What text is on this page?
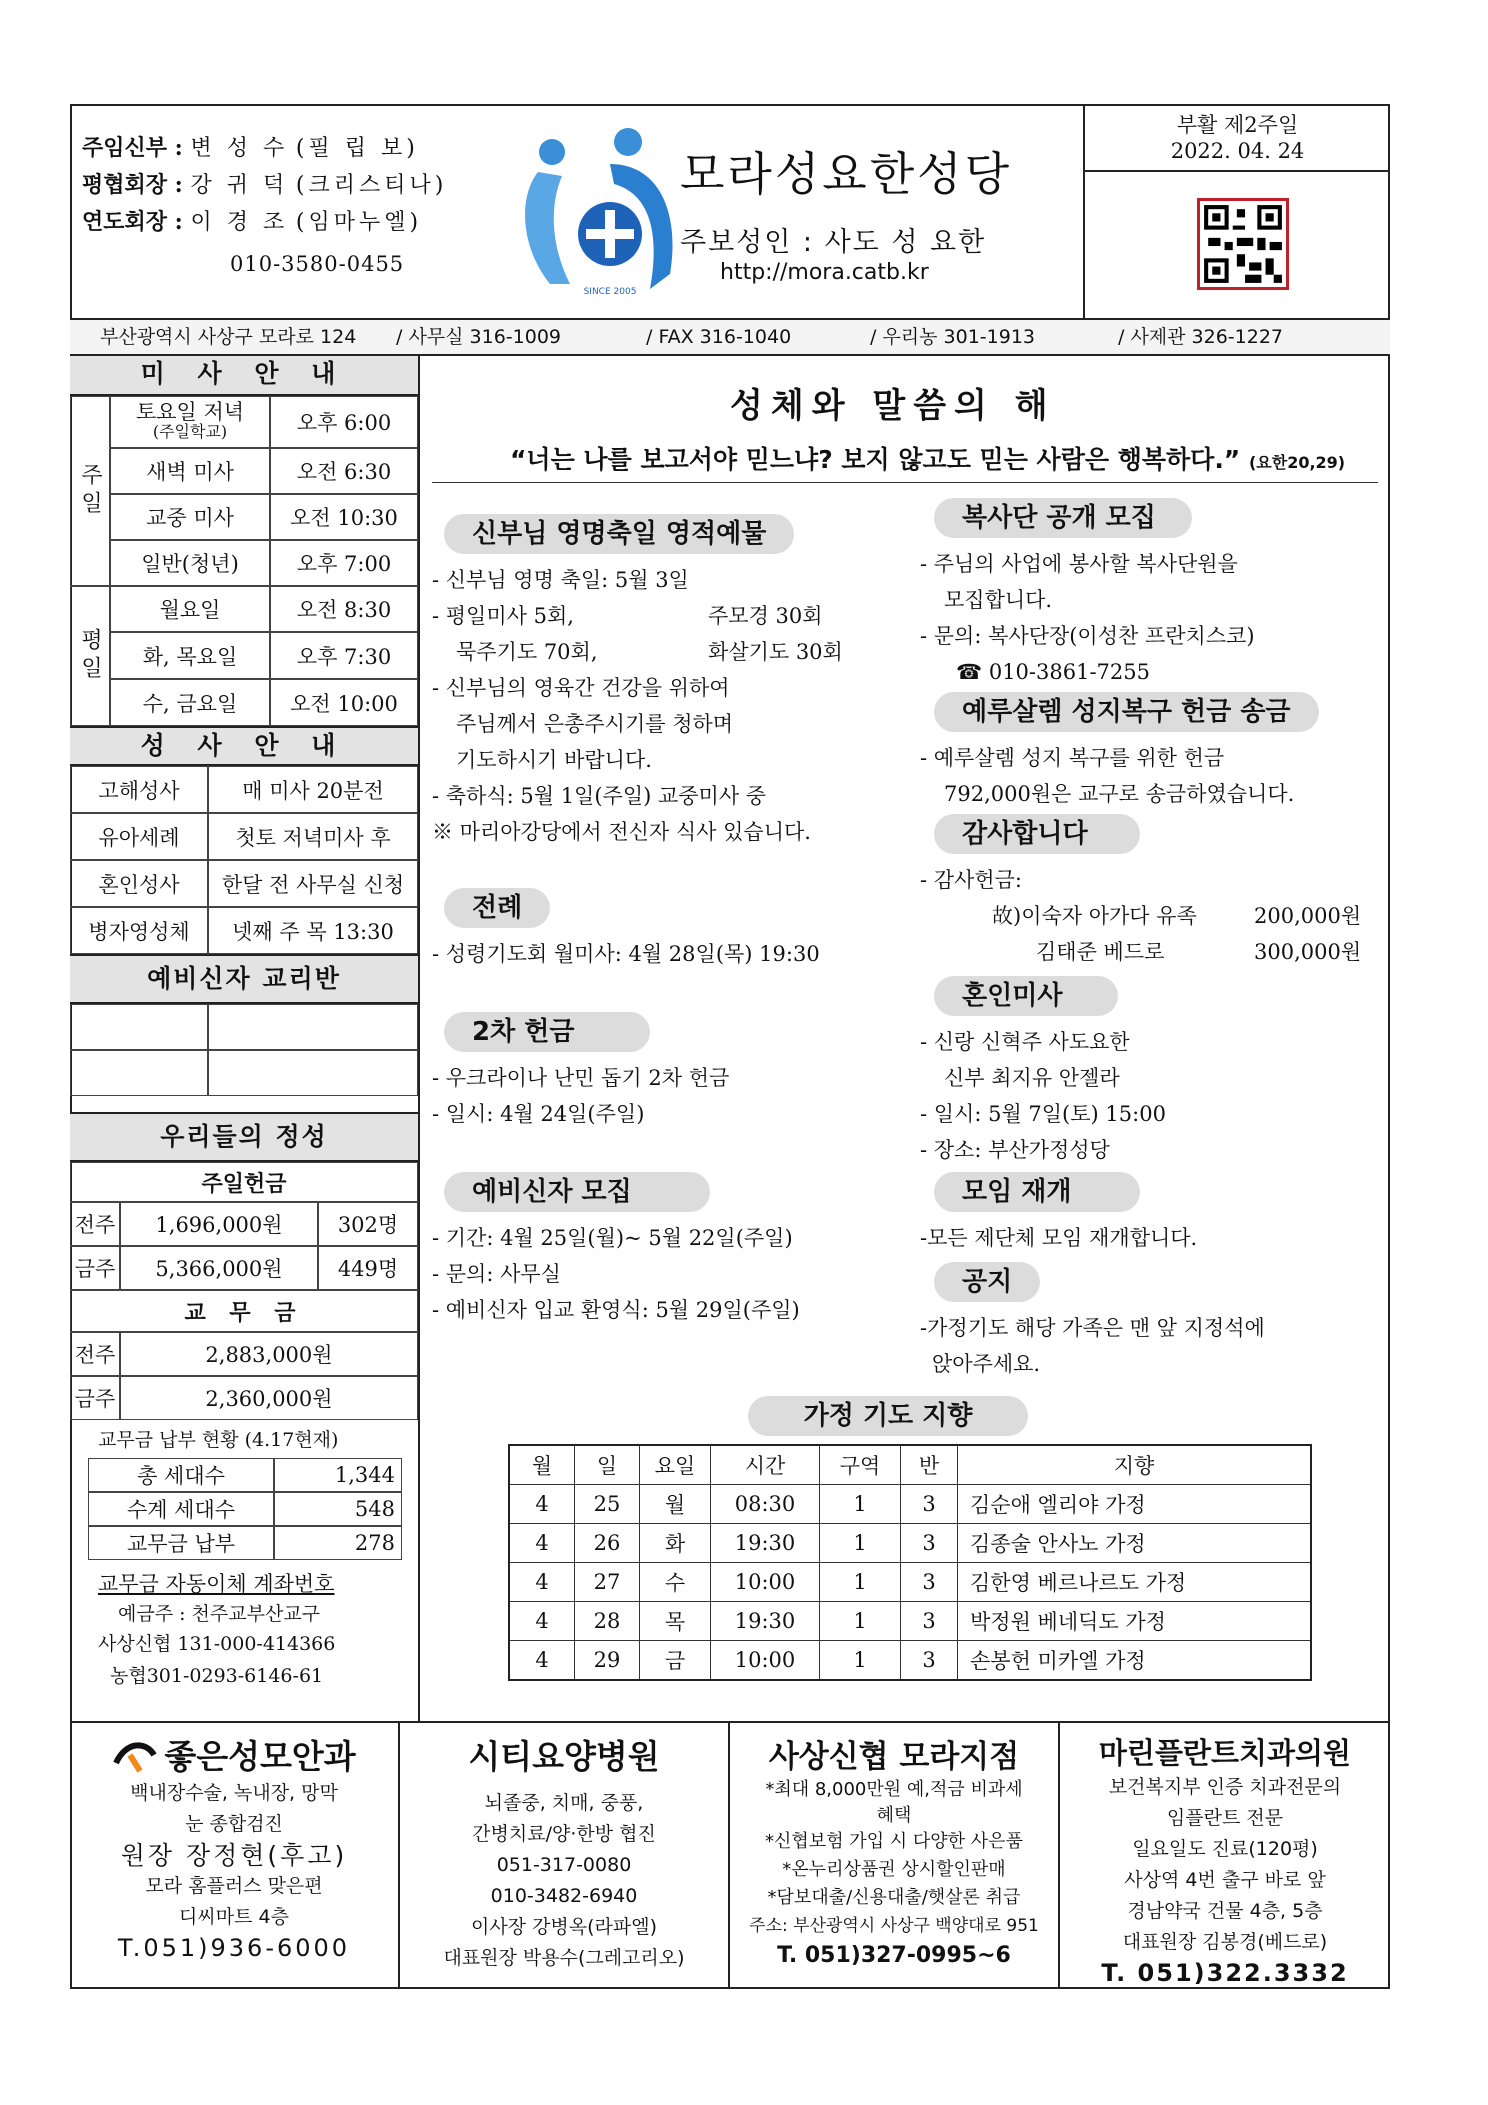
주임신부 : 변 성 수 (필 립 보)
평협회장 : 강 귀 덕 (크리스티나)
연도회장 : 이 경 조 (임마누엘)
010-3580-0455
SINCE 2005
모라성요한성당
주보성인 : 사도 성 요한
http://mora.catb.kr
부활 제2주일
2022. 04. 24
부산광역시 사상구 모라로 124 / 사무실 316-1009	/ FAX 316-1040	/ 우리농 301-1913	/ 사제관 326-1227
미 사 안 내
주일
토요일 저녁
(주일학교)	오후 6:00
새벽 미사	오전 6:30
교중 미사	오전 10:30
일반(청년)	오후 7:00
평일
월요일	오전 8:30
화, 목요일	오후 7:30
수, 금요일	오전 10:00
성 사 안 내
고해성사	매 미사 20분전
유아세례	첫토 저녁미사 후
혼인성사	한달 전 사무실 신청
병자영성체	넷째 주 목 13:30
예비신자 교리반
우리들의 정성
주일헌금
전주	1,696,000원	302명
금주	5,366,000원	449명
교 무 금
전주	2,883,000원
금주	2,360,000원
교무금 납부 현황 (4.17현재)
총 세대수	1,344
수계 세대수	548
교무금 납부	278
교무금 자동이체 계좌번호
예금주 : 천주교부산교구
사상신협 131-000-414366
농협301-0293-6146-61
성체와 말씀의 해
“너는 나를 보고서야 믿느냐? 보지 않고도 믿는 사람은 행복하다.” (요한20,29)
신부님 영명축일 영적예물
- 신부님 영명 축일: 5월 3일
- 평일미사 5회,	주모경 30회
묵주기도 70회,	화살기도 30회
- 신부님의 영육간 건강을 위하여
주님께서 은총주시기를 청하며
기도하시기 바랍니다.
- 축하식: 5월 1일(주일) 교중미사 중
※ 마리아강당에서 전신자 식사 있습니다.
전례
- 성령기도회 월미사: 4월 28일(목) 19:30
2차 헌금
- 우크라이나 난민 돕기 2차 헌금
- 일시: 4월 24일(주일)
예비신자 모집
- 기간: 4월 25일(월)~ 5월 22일(주일)
- 문의: 사무실
- 예비신자 입교 환영식: 5월 29일(주일)
복사단 공개 모집
- 주님의 사업에 봉사할 복사단원을
모집합니다.
- 문의: 복사단장(이성찬 프란치스코)
☎ 010-3861-7255
예루살렘 성지복구 헌금 송금
- 예루살렘 성지 복구를 위한 헌금
792,000원은 교구로 송금하였습니다.
감사합니다
- 감사헌금:
故)이숙자 아가다 유족	200,000원
김태준 베드로	300,000원
혼인미사
- 신랑 신혁주 사도요한
신부 최지유 안젤라
- 일시: 5월 7일(토) 15:00
- 장소: 부산가정성당
모임 재개
-모든 제단체 모임 재개합니다.
공지
-가정기도 해당 가족은 맨 앞 지정석에
앉아주세요.
가정 기도 지향
월	일	요일	시간	구역	반	지향
4	25	월	08:30	1	3	김순애 엘리야 가정
4	26	화	19:30	1	3	김종술 안사노 가정
4	27	수	10:00	1	3	김한영 베르나르도 가정
4	28	목	19:30	1	3	박정원 베네딕도 가정
4	29	금	10:00	1	3	손봉헌 미카엘 가정
좋은성모안과
백내장수술, 녹내장, 망막
눈 종합검진
원장 장정현(후고)
모라 홈플러스 맞은편
디씨마트 4층
T.051)936-6000
시티요양병원
뇌졸중, 치매, 중풍,
간병치료/양·한방 협진
051-317-0080
010-3482-6940
이사장 강병옥(라파엘)
대표원장 박용수(그레고리오)
사상신협 모라지점
*최대 8,000만원 예,적금 비과세
혜택
*신협보험 가입 시 다양한 사은품
*온누리상품권 상시할인판매
*담보대출/신용대출/햇살론 취급
주소: 부산광역시 사상구 백양대로 951
T. 051)327-0995~6
마린플란트치과의원
보건복지부 인증 치과전문의
임플란트 전문
일요일도 진료(120평)
사상역 4번 출구 바로 앞
경남약국 건물 4층, 5층
대표원장 김봉경(베드로)
T. 051)322.3332
